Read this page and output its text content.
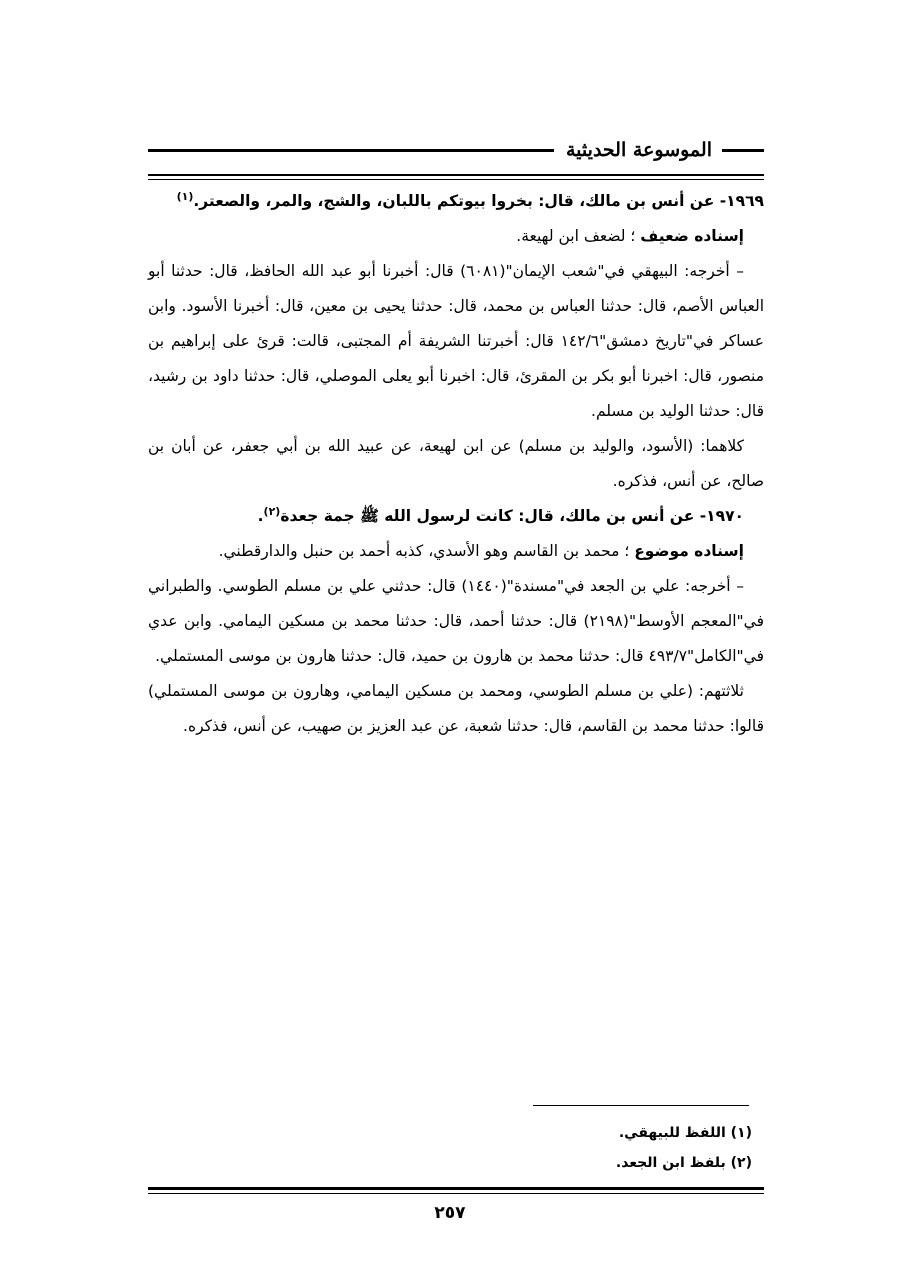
الموسوعة الحديثية

١٩٦٩- عن أنس بن مالك، قال: بخروا بيوتكم باللبان، والشج، والمر، والصعتر.$^{(١)}$

إسناده ضعيف ؛ لضعف ابن لهيعة.

– أخرجه: البيهقي في"شعب الإيمان"(٦٠٨١) قال: أخبرنا أبو عبد الله الحافظ، قال: حدثنا أبو العباس الأصم، قال: حدثنا العباس بن محمد، قال: حدثنا يحيى بن معين، قال: أخبرنا الأسود. وابن عساكر في"تاريخ دمشق"١٤٢/٦ قال: أخبرتنا الشريفة أم المجتبى، قالت: قرئ على إبراهيم بن منصور، قال: اخبرنا أبو بكر بن المقرئ، قال: اخبرنا أبو يعلى الموصلي، قال: حدثنا داود بن رشيد، قال: حدثنا الوليد بن مسلم.

كلاهما: (الأسود، والوليد بن مسلم) عن ابن لهيعة، عن عبيد الله بن أبي جعفر، عن أبان بن صالح، عن أنس، فذكره.

١٩٧٠- عن أنس بن مالك، قال: كانت لرسول الله ﷺ جمة جعدة$^{(٢)}$.

إسناده موضوع ؛ محمد بن القاسم وهو الأسدي، كذبه أحمد بن حنبل والدارقطني.

– أخرجه: علي بن الجعد في"مسندة"(١٤٤٠) قال: حدثني علي بن مسلم الطوسي. والطبراني في"المعجم الأوسط"(٢١٩٨) قال: حدثنا أحمد، قال: حدثنا محمد بن مسكين اليمامي. وابن عدي في"الكامل"٤٩٣/٧ قال: حدثنا محمد بن هارون بن حميد، قال: حدثنا هارون بن موسى المستملي.

ثلاثتهم: (علي بن مسلم الطوسي، ومحمد بن مسكين اليمامي، وهارون بن موسى المستملي) قالوا: حدثنا محمد بن القاسم، قال: حدثنا شعبة، عن عبد العزيز بن صهيب، عن أنس، فذكره.

(١) اللفظ للبيهقي.

(٢) بلفظ ابن الجعد.

٢٥٧
